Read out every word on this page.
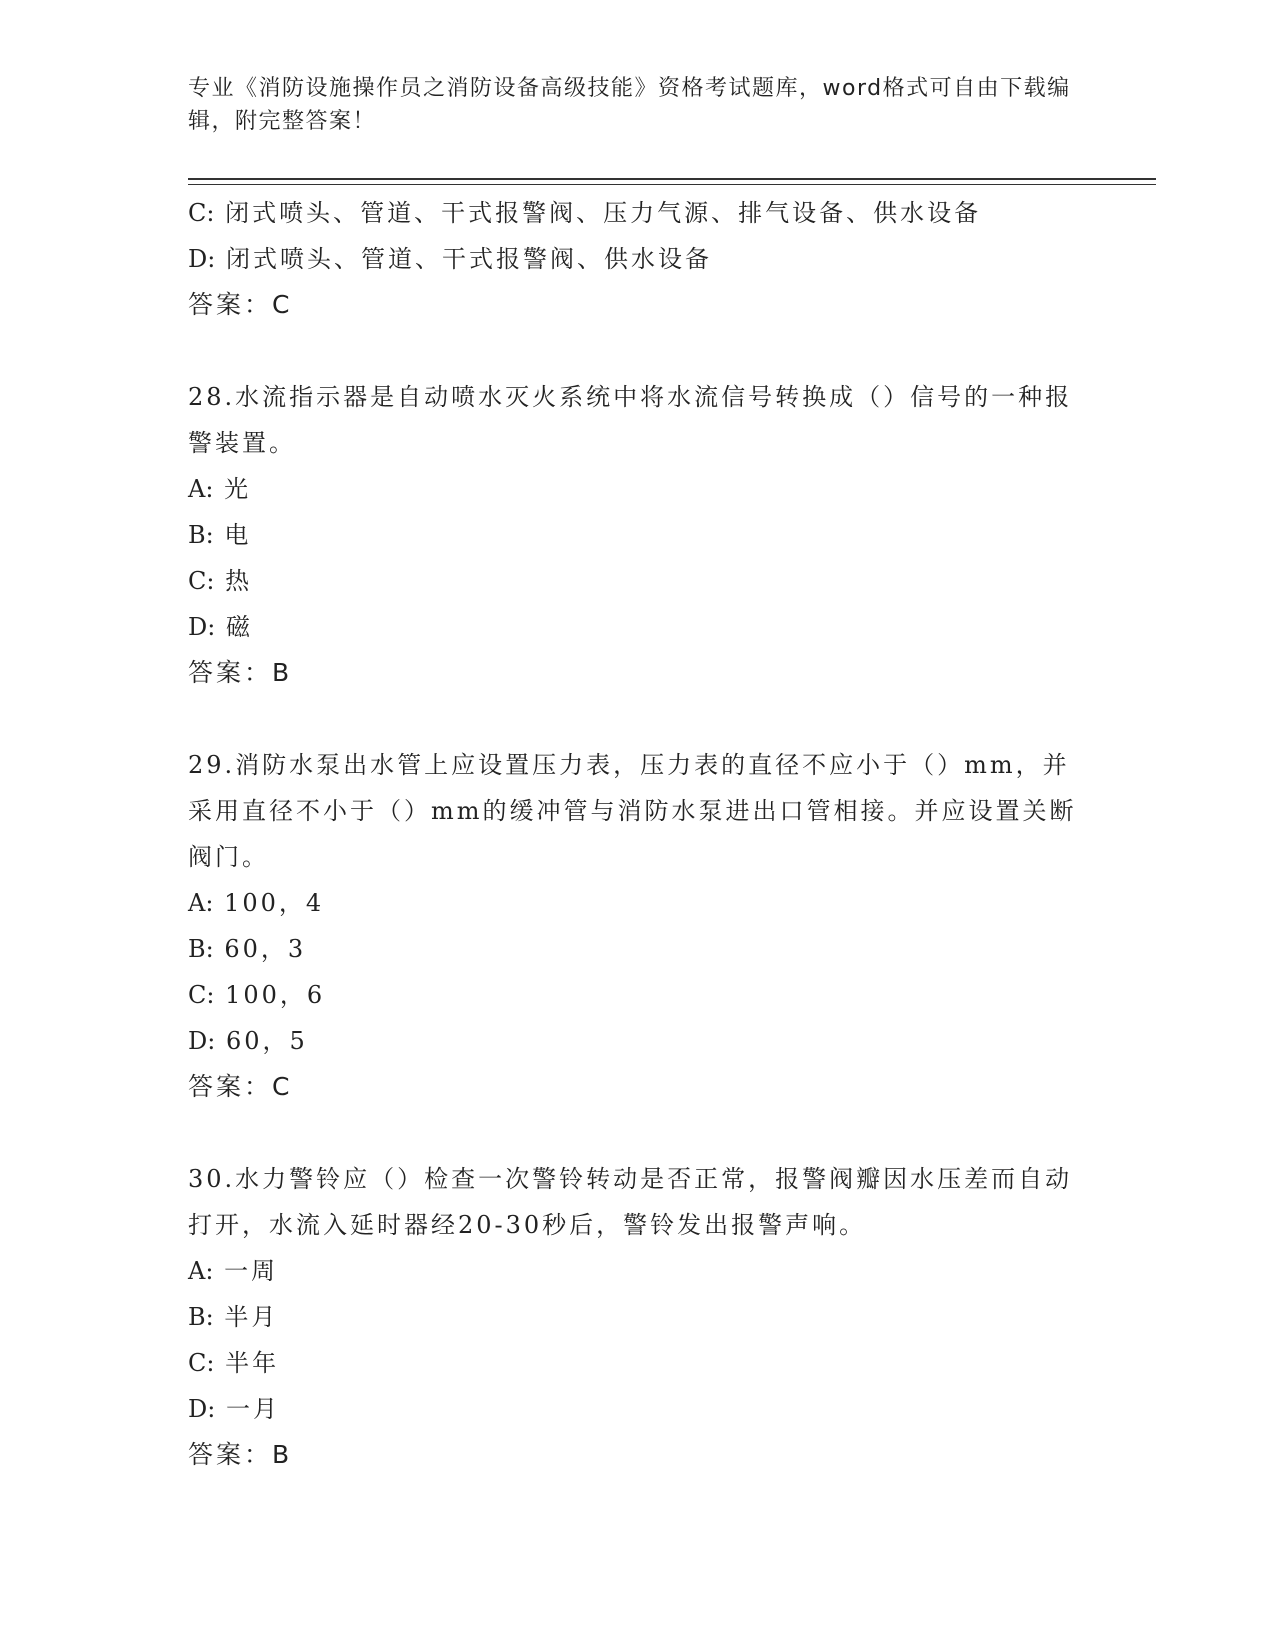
专业《消防设施操作员之消防设备高级技能》资格考试题库，word格式可自由下载编辑，附完整答案！
C: 闭式喷头、管道、干式报警阀、压力气源、排气设备、供水设备
D: 闭式喷头、管道、干式报警阀、供水设备
答案：C
28.水流指示器是自动喷水灭火系统中将水流信号转换成（）信号的一种报警装置。
A: 光
B: 电
C: 热
D: 磁
答案：B
29.消防水泵出水管上应设置压力表，压力表的直径不应小于（）mm，并采用直径不小于（）mm的缓冲管与消防水泵进出口管相接。并应设置关断阀门。
A: 100，4
B: 60，3
C: 100，6
D: 60，5
答案：C
30.水力警铃应（）检查一次警铃转动是否正常，报警阀瓣因水压差而自动打开，水流入延时器经20-30秒后，警铃发出报警声响。
A: 一周
B: 半月
C: 半年
D: 一月
答案：B
